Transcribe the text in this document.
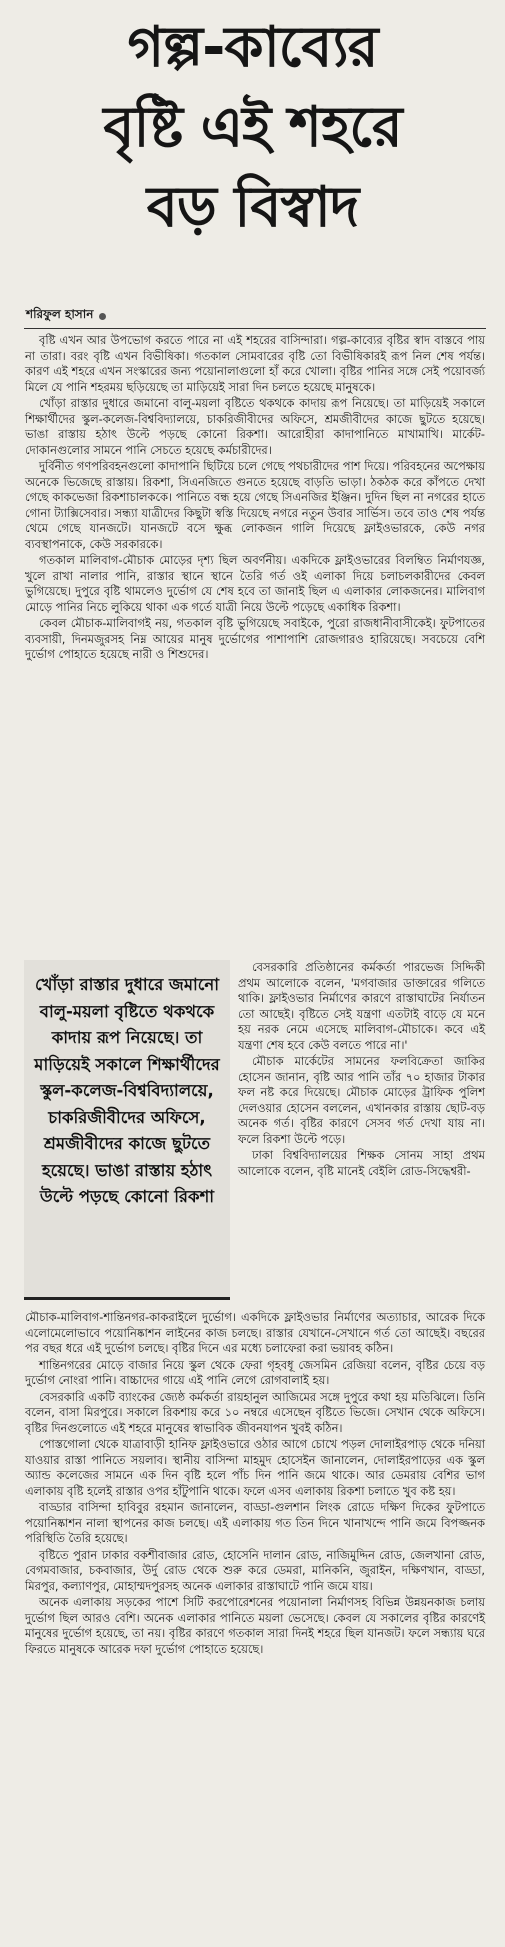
গল্প-কাব্যের
বৃষ্টি এই শহরে
বড় বিস্বাদ
শরিফুল হাসান

বৃষ্টি এখন আর উপভোগ করতে পারে না এই শহরের বাসিন্দারা। গল্প-কাব্যের বৃষ্টির স্বাদ বাস্তবে পায় না তারা। বরং বৃষ্টি এখন বিভীষিকা। গতকাল সোমবারের বৃষ্টি তো বিভীষিকারই রূপ নিল শেষ পর্যন্ত। কারণ এই শহরে এখন সংস্কারের জন্য পয়োনালাগুলো হাঁ করে খোলা। বৃষ্টির পানির সঙ্গে সেই পয়োবর্জ্য মিলে যে পানি শহরময় ছড়িয়েছে তা মাড়িয়েই সারা দিন চলতে হয়েছে মানুষকে।

খোঁড়া রাস্তার দুধারে জমানো বালু-ময়লা বৃষ্টিতে থকথকে কাদায় রূপ নিয়েছে। তা মাড়িয়েই সকালে শিক্ষার্থীদের স্কুল-কলেজ-বিশ্ববিদ্যালয়ে, চাকরিজীবীদের অফিসে, শ্রমজীবীদের কাজে ছুটতে হয়েছে। ভাঙা রাস্তায় হঠাৎ উল্টে পড়ছে কোনো রিকশা। আরোহীরা কাদাপানিতে মাখামাখি। মার্কেট-দোকানগুলোর সামনে পানি সেচতে হয়েছে কর্মচারীদের।

দুর্বিনীত গণপরিবহনগুলো কাদাপানি ছিটিয়ে চলে গেছে পথচারীদের পাশ দিয়ে। পরিবহনের অপেক্ষায় অনেকে ভিজেছে রাস্তায়। রিকশা, সিএনজিতে গুনতে হয়েছে বাড়তি ভাড়া। ঠকঠক করে কাঁপতে দেখা গেছে কাকভেজা রিকশাচালককে। পানিতে বন্ধ হয়ে গেছে সিএনজির ইঞ্জিন। দুদিন ছিল না নগরের হাতে গোনা ট্যাক্সিসেবার। সন্ধ্যা যাত্রীদের কিছুটা স্বস্তি দিয়েছে নগরে নতুন উবার সার্ভিস। তবে তাও শেষ পর্যন্ত থেমে গেছে যানজটে। যানজটে বসে ক্ষুব্ধ লোকজন গালি দিয়েছে ফ্লাইওভারকে, কেউ নগর ব্যবস্থাপনাকে, কেউ সরকারকে।

গতকাল মালিবাগ-মৌচাক মোড়ের দৃশ্য ছিল অবর্ণনীয়। একদিকে ফ্লাইওভারের বিলম্বিত নির্মাণযজ্ঞ, খুলে রাখা নালার পানি, রাস্তার স্থানে স্থানে তৈরি গর্ত ওই এলাকা দিয়ে চলাচলকারীদের কেবল ভুগিয়েছে। দুপুরে বৃষ্টি থামলেও দুর্ভোগ যে শেষ হবে তা জানাই ছিল এ এলাকার লোকজনের। মালিবাগ মোড়ে পানির নিচে লুকিয়ে থাকা এক গর্তে যাত্রী নিয়ে উল্টে পড়েছে একাধিক রিকশা।

কেবল মৌচাক-মালিবাগই নয়, গতকাল বৃষ্টি ভুগিয়েছে সবাইকে, পুরো রাজধানীবাসীকেই। ফুটপাতের ব্যবসায়ী, দিনমজুরসহ নিম্ন আয়ের মানুষ দুর্ভোগের পাশাপাশি রোজগারও হারিয়েছে। সবচেয়ে বেশি দুর্ভোগ পোহাতে হয়েছে নারী ও শিশুদের।

খোঁড়া রাস্তার দুধারে জমানো বালু-ময়লা বৃষ্টিতে থকথকে কাদায় রূপ নিয়েছে। তা মাড়িয়েই সকালে শিক্ষার্থীদের স্কুল-কলেজ-বিশ্ববিদ্যালয়ে, চাকরিজীবীদের অফিসে, শ্রমজীবীদের কাজে ছুটতে হয়েছে। ভাঙা রাস্তায় হঠাৎ উল্টে পড়ছে কোনো রিকশা

বেসরকারি প্রতিষ্ঠানের কর্মকর্তা পারভেজ সিদ্দিকী প্রথম আলোকে বলেন, 'মগবাজার ডাক্তারের গলিতে থাকি। ফ্লাইওভার নির্মাণের কারণে রাস্তাঘাটের নির্যাতন তো আছেই। বৃষ্টিতে সেই যন্ত্রণা এতটাই বাড়ে যে মনে হয় নরক নেমে এসেছে মালিবাগ-মৌচাকে। কবে এই যন্ত্রণা শেষ হবে কেউ বলতে পারে না।'

মৌচাক মার্কেটের সামনের ফলবিক্রেতা জাকির হোসেন জানান, বৃষ্টি আর পানি তাঁর ৭০ হাজার টাকার ফল নষ্ট করে দিয়েছে। মৌচাক মোড়ের ট্রাফিক পুলিশ দেলওয়ার হোসেন বললেন, এখানকার রাস্তায় ছোট-বড় অনেক গর্ত। বৃষ্টির কারণে সেসব গর্ত দেখা যায় না। ফলে রিকশা উল্টে পড়ে।

ঢাকা বিশ্ববিদ্যালয়ের শিক্ষক সোনম সাহা প্রথম আলোকে বলেন, বৃষ্টি মানেই বেইলি রোড-সিদ্ধেশ্বরী-

মৌচাক-মালিবাগ-শান্তিনগর-কাকরাইলে দুর্ভোগ। একদিকে ফ্লাইওভার নির্মাণের অত্যাচার, আরেক দিকে এলোমেলোভাবে পয়োনিষ্কাশন লাইনের কাজ চলছে। রাস্তার যেখানে-সেখানে গর্ত তো আছেই। বছরের পর বছর ধরে এই দুর্ভোগ চলছে। বৃষ্টির দিনে এর মধ্যে চলাফেরা করা ভয়াবহ কঠিন।

শান্তিনগরের মোড়ে বাজার নিয়ে স্কুল থেকে ফেরা গৃহবধূ জেসমিন রেজিয়া বলেন, বৃষ্টির চেয়ে বড় দুর্ভোগ নোংরা পানি। বাচ্চাদের গায়ে এই পানি লেগে রোগবালাই হয়।

বেসরকারি একটি ব্যাংকের জ্যেষ্ঠ কর্মকর্তা রায়হানুল আজিমের সঙ্গে দুপুরে কথা হয় মতিঝিলে। তিনি বলেন, বাসা মিরপুরে। সকালে রিকশায় করে ১০ নম্বরে এসেছেন বৃষ্টিতে ভিজে। সেখান থেকে অফিসে। বৃষ্টির দিনগুলোতে এই শহরে মানুষের স্বাভাবিক জীবনযাপন খুবই কঠিন।

পোস্তগোলা থেকে যাত্রাবাড়ী হানিফ ফ্লাইওভারে ওঠার আগে চোখে পড়ল দোলাইরপাড় থেকে দনিয়া যাওয়ার রাস্তা পানিতে সয়লাব। স্থানীয় বাসিন্দা মাহমুদ হোসেইন জানালেন, দোলাইরপাড়ের এক স্কুল অ্যান্ড কলেজের সামনে এক দিন বৃষ্টি হলে পাঁচ দিন পানি জমে থাকে। আর ডেমরায় বেশির ভাগ এলাকায় বৃষ্টি হলেই রাস্তার ওপর হাঁটুপানি থাকে। ফলে এসব এলাকায় রিকশা চলাতে খুব কষ্ট হয়।

বাড্ডার বাসিন্দা হাবিবুর রহমান জানালেন, বাড্ডা-গুলশান লিংক রোডে দক্ষিণ দিকের ফুটপাতে পয়োনিষ্কাশন নালা স্থাপনের কাজ চলছে। এই এলাকায় গত তিন দিনে খানাখন্দে পানি জমে বিপজ্জনক পরিস্থিতি তৈরি হয়েছে।

বৃষ্টিতে পুরান ঢাকার বকশীবাজার রোড, হোসেনি দালান রোড, নাজিমুদ্দিন রোড, জেলখানা রোড, বেগমবাজার, চকবাজার, উর্দু রোড থেকে শুরু করে ডেমরা, মানিকনি, জুরাইন, দক্ষিণখান, বাড্ডা, মিরপুর, কল্যাণপুর, মোহাম্মদপুরসহ অনেক এলাকার রাস্তাঘাটে পানি জমে যায়।

অনেক এলাকায় সড়কের পাশে সিটি করপোরেশনের পয়োনালা নির্মাণসহ বিভিন্ন উন্নয়নকাজ চলায় দুর্ভোগ ছিল আরও বেশি। অনেক এলাকার পানিতে ময়লা ভেসেছে। কেবল যে সকালের বৃষ্টির কারণেই মানুষের দুর্ভোগ হয়েছে, তা নয়। বৃষ্টির কারণে গতকাল সারা দিনই শহরে ছিল যানজট। ফলে সন্ধ্যায় ঘরে ফিরতে মানুষকে আরেক দফা দুর্ভোগ পোহাতে হয়েছে।
